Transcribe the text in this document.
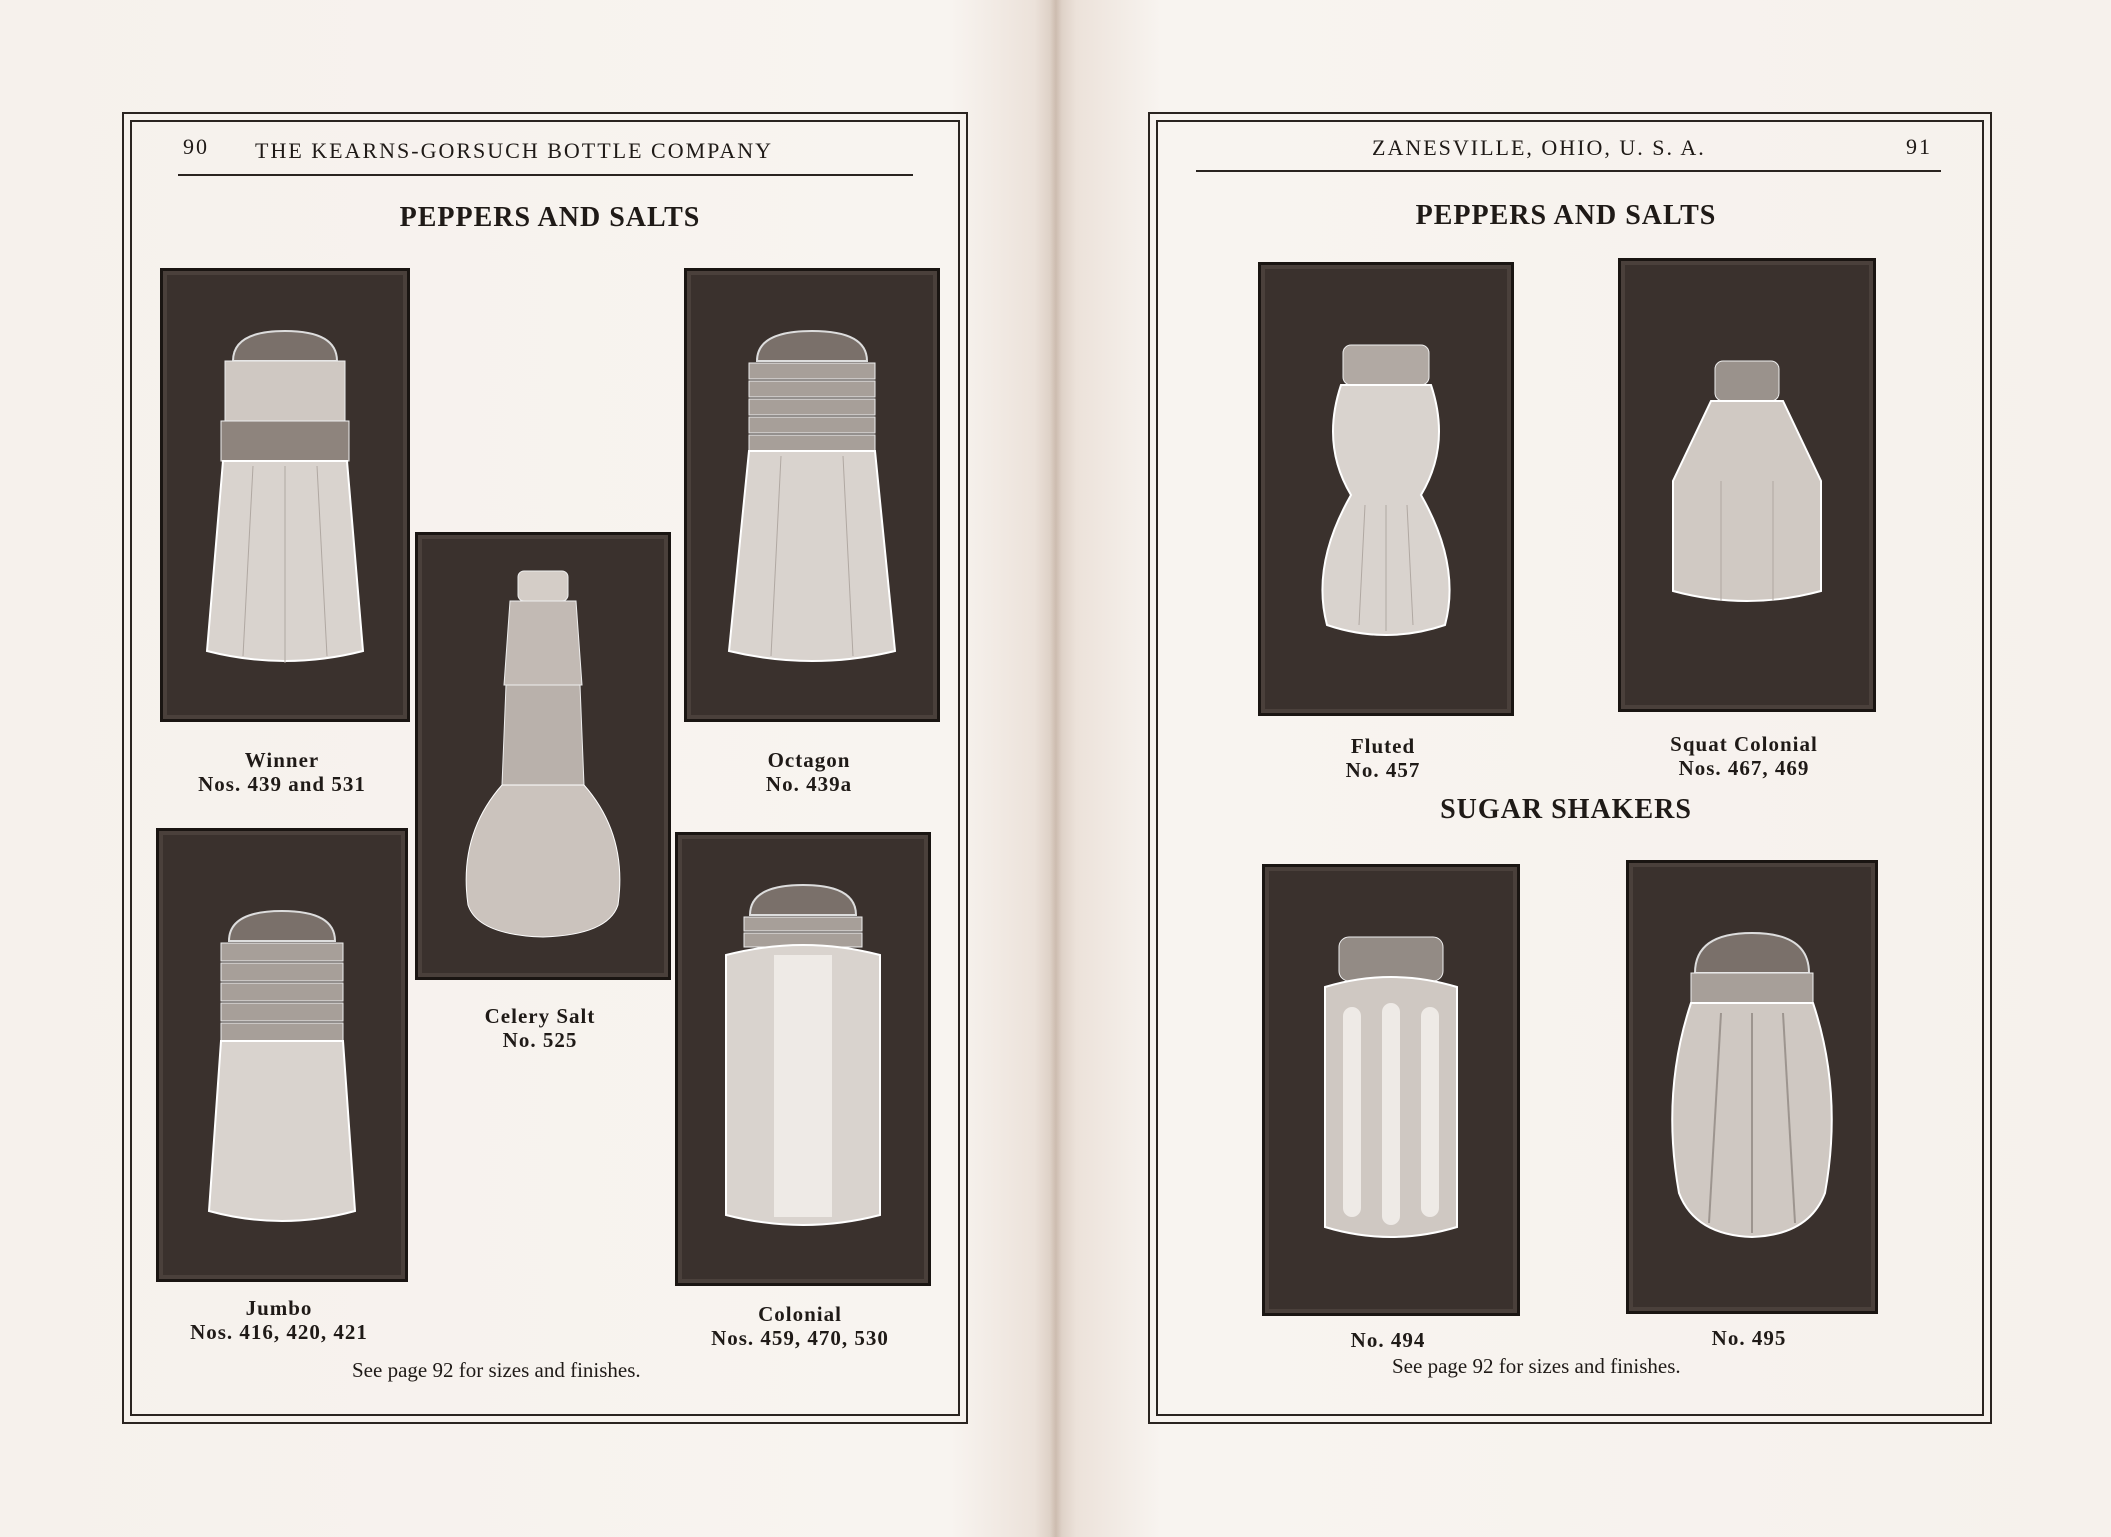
90 THE KEARNS-GORSUCH BOTTLE COMPANY
PEPPERS AND SALTS
Winner
Nos. 439 and 531
Celery Salt
No. 525
Octagon
No. 439a
Jumbo
Nos. 416, 420, 421
Colonial
Nos. 459, 470, 530
See page 92 for sizes and finishes.
ZANESVILLE, OHIO, U. S. A.	91
PEPPERS AND SALTS
Fluted
No. 457
Squat Colonial
Nos. 467, 469
SUGAR SHAKERS
No. 494	No. 495
See page 92 for sizes and finishes.
